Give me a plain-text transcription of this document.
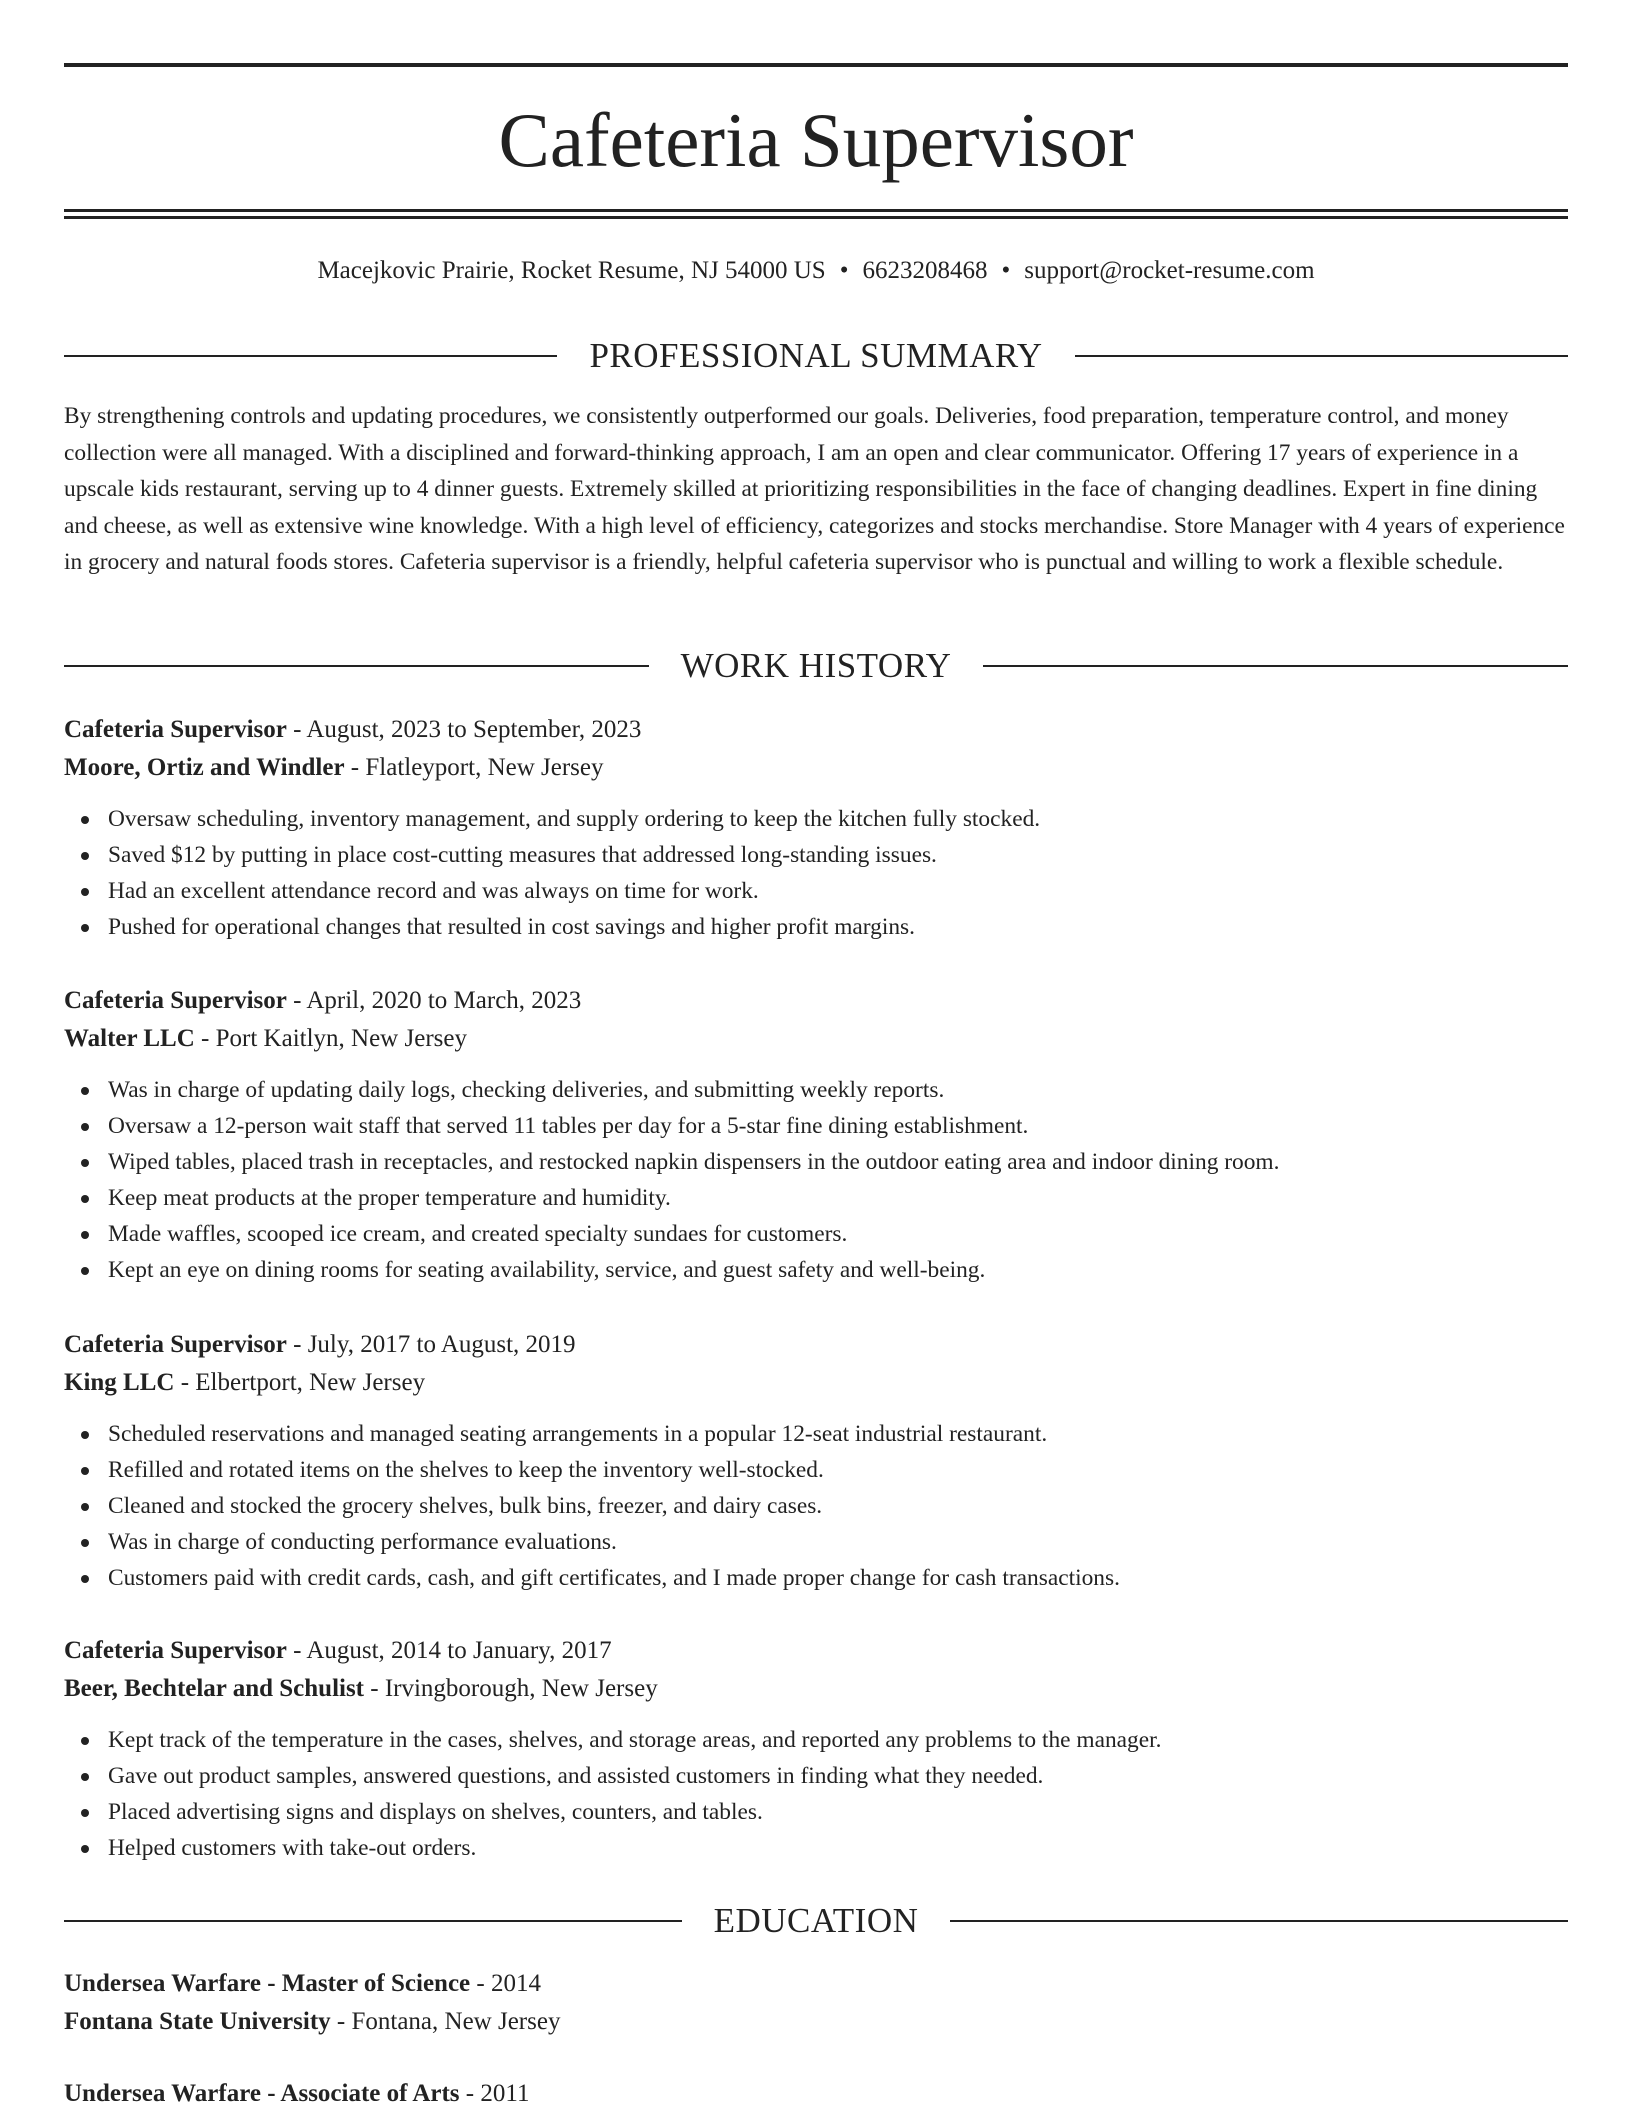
Cafeteria Supervisor
Macejkovic Prairie, Rocket Resume, NJ 54000 US • 6623208468 • support@rocket-resume.com
PROFESSIONAL SUMMARY

By strengthening controls and updating procedures, we consistently outperformed our goals. Deliveries, food preparation, temperature control, and money collection were all managed. With a disciplined and forward-thinking approach, I am an open and clear communicator. Offering 17 years of experience in a upscale kids restaurant, serving up to 4 dinner guests. Extremely skilled at prioritizing responsibilities in the face of changing deadlines. Expert in fine dining and cheese, as well as extensive wine knowledge. With a high level of efficiency, categorizes and stocks merchandise. Store Manager with 4 years of experience in grocery and natural foods stores. Cafeteria supervisor is a friendly, helpful cafeteria supervisor who is punctual and willing to work a flexible schedule.

WORK HISTORY
Cafeteria Supervisor - August, 2023 to September, 2023
Moore, Ortiz and Windler - Flatleyport, New Jersey
Oversaw scheduling, inventory management, and supply ordering to keep the kitchen fully stocked.
Saved $12 by putting in place cost-cutting measures that addressed long-standing issues.
Had an excellent attendance record and was always on time for work.
Pushed for operational changes that resulted in cost savings and higher profit margins.
Cafeteria Supervisor - April, 2020 to March, 2023
Walter LLC - Port Kaitlyn, New Jersey
Was in charge of updating daily logs, checking deliveries, and submitting weekly reports.
Oversaw a 12-person wait staff that served 11 tables per day for a 5-star fine dining establishment.
Wiped tables, placed trash in receptacles, and restocked napkin dispensers in the outdoor eating area and indoor dining room.
Keep meat products at the proper temperature and humidity.
Made waffles, scooped ice cream, and created specialty sundaes for customers.
Kept an eye on dining rooms for seating availability, service, and guest safety and well-being.
Cafeteria Supervisor - July, 2017 to August, 2019
King LLC - Elbertport, New Jersey
Scheduled reservations and managed seating arrangements in a popular 12-seat industrial restaurant.
Refilled and rotated items on the shelves to keep the inventory well-stocked.
Cleaned and stocked the grocery shelves, bulk bins, freezer, and dairy cases.
Was in charge of conducting performance evaluations.
Customers paid with credit cards, cash, and gift certificates, and I made proper change for cash transactions.
Cafeteria Supervisor - August, 2014 to January, 2017
Beer, Bechtelar and Schulist - Irvingborough, New Jersey
Kept track of the temperature in the cases, shelves, and storage areas, and reported any problems to the manager.
Gave out product samples, answered questions, and assisted customers in finding what they needed.
Placed advertising signs and displays on shelves, counters, and tables.
Helped customers with take-out orders.
EDUCATION
Undersea Warfare - Master of Science - 2014
Fontana State University - Fontana, New Jersey
Undersea Warfare - Associate of Arts - 2011
